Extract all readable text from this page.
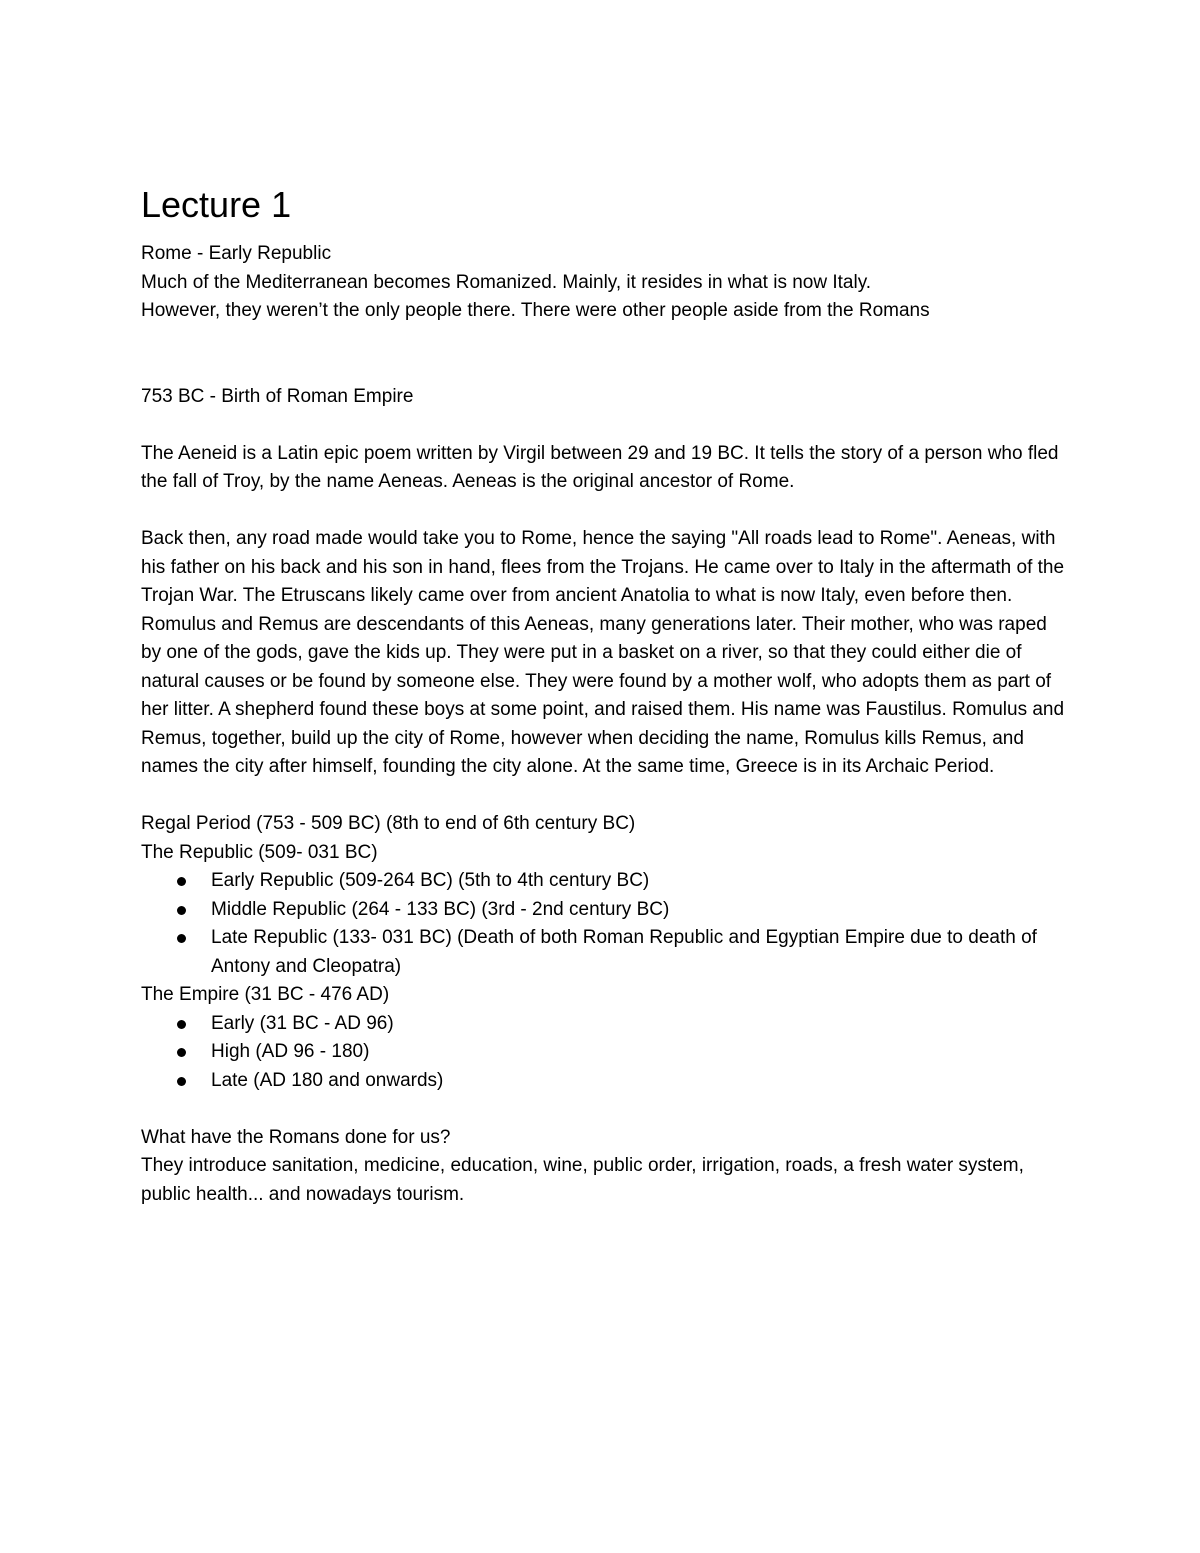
Lecture 1

Rome - Early Republic

Much of the Mediterranean becomes Romanized. Mainly, it resides in what is now Italy.

However, they weren’t the only people there. There were other people aside from the Romans

753 BC - Birth of Roman Empire

The Aeneid is a Latin epic poem written by Virgil between 29 and 19 BC. It tells the story of a person who fled the fall of Troy, by the name Aeneas. Aeneas is the original ancestor of Rome.

Back then, any road made would take you to Rome, hence the saying "All roads lead to Rome". Aeneas, with his father on his back and his son in hand, flees from the Trojans. He came over to Italy in the aftermath of the Trojan War. The Etruscans likely came over from ancient Anatolia to what is now Italy, even before then. Romulus and Remus are descendants of this Aeneas, many generations later. Their mother, who was raped by one of the gods, gave the kids up. They were put in a basket on a river, so that they could either die of natural causes or be found by someone else. They were found by a mother wolf, who adopts them as part of her litter. A shepherd found these boys at some point, and raised them. His name was Faustilus. Romulus and Remus, together, build up the city of Rome, however when deciding the name, Romulus kills Remus, and names the city after himself, founding the city alone. At the same time, Greece is in its Archaic Period.

Regal Period (753 - 509 BC) (8th to end of 6th century BC)

The Republic (509- 031 BC)

Early Republic (509-264 BC) (5th to 4th century BC)
Middle Republic (264 - 133 BC) (3rd - 2nd century BC)
Late Republic (133- 031 BC) (Death of both Roman Republic and Egyptian Empire due to death of Antony and Cleopatra)

The Empire (31 BC - 476 AD)

Early (31 BC - AD 96)
High (AD 96 - 180)
Late (AD 180 and onwards)

What have the Romans done for us?

They introduce sanitation, medicine, education, wine, public order, irrigation, roads, a fresh water system, public health... and nowadays tourism.
